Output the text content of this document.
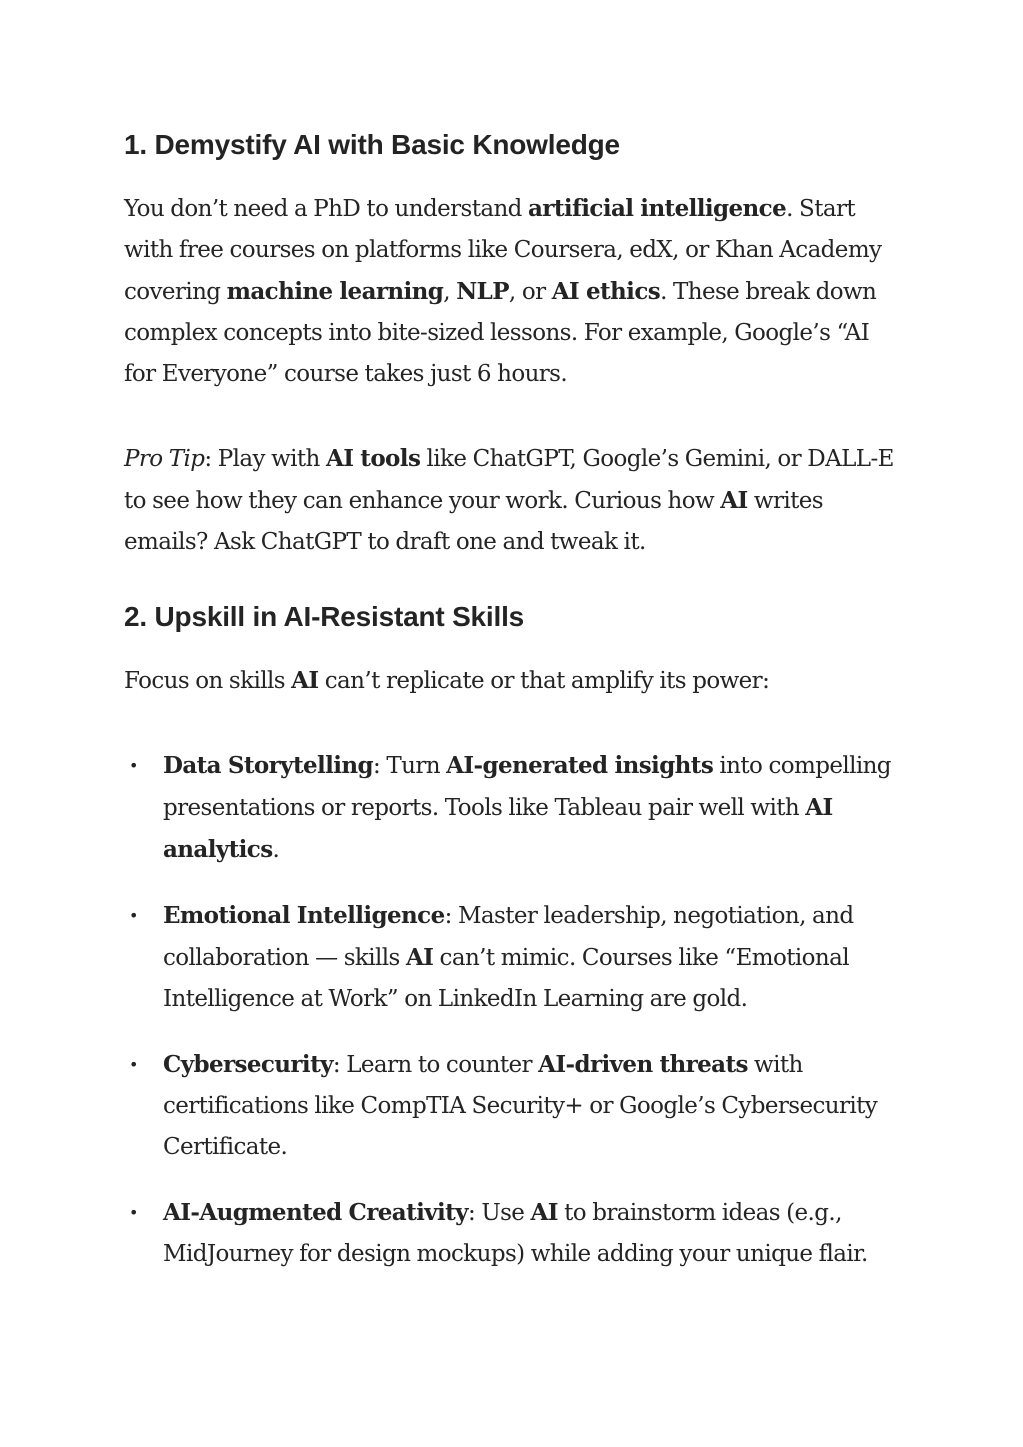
1. Demystify AI with Basic Knowledge

You don’t need a PhD to understand artificial intelligence. Start with free courses on platforms like Coursera, edX, or Khan Academy covering machine learning, NLP, or AI ethics. These break down complex concepts into bite-sized lessons. For example, Google’s “AI for Everyone” course takes just 6 hours.

Pro Tip: Play with AI tools like ChatGPT, Google’s Gemini, or DALL-E to see how they can enhance your work. Curious how AI writes emails? Ask ChatGPT to draft one and tweak it.

2. Upskill in AI-Resistant Skills

Focus on skills AI can’t replicate or that amplify its power:

• Data Storytelling: Turn AI-generated insights into compelling presentations or reports. Tools like Tableau pair well with AI analytics.
• Emotional Intelligence: Master leadership, negotiation, and collaboration — skills AI can’t mimic. Courses like “Emotional Intelligence at Work” on LinkedIn Learning are gold.
• Cybersecurity: Learn to counter AI-driven threats with certifications like CompTIA Security+ or Google’s Cybersecurity Certificate.
• AI-Augmented Creativity: Use AI to brainstorm ideas (e.g., MidJourney for design mockups) while adding your unique flair.
